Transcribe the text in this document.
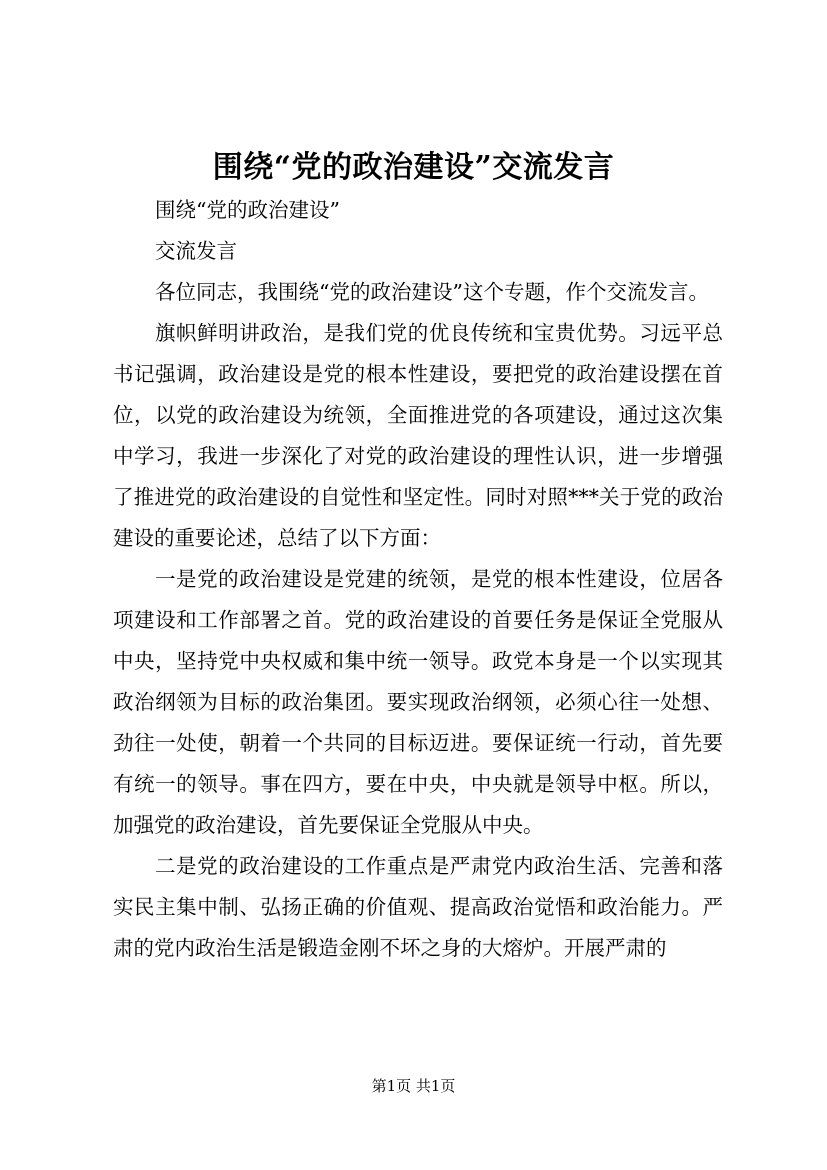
围绕“党的政治建设”交流发言

围绕“党的政治建设”

交流发言

各位同志，我围绕“党的政治建设”这个专题，作个交流发言。

旗帜鲜明讲政治，是我们党的优良传统和宝贵优势。习远平总书记强调，政治建设是党的根本性建设，要把党的政治建设摆在首位，以党的政治建设为统领，全面推进党的各项建设，通过这次集中学习，我进一步深化了对党的政治建设的理性认识，进一步增强了推进党的政治建设的自觉性和坚定性。同时对照***关于党的政治建设的重要论述，总结了以下方面：

一是党的政治建设是党建的统领，是党的根本性建设，位居各项建设和工作部署之首。党的政治建设的首要任务是保证全党服从中央，坚持党中央权威和集中统一领导。政党本身是一个以实现其政治纲领为目标的政治集团。要实现政治纲领，必须心往一处想、劲往一处使，朝着一个共同的目标迈进。要保证统一行动，首先要有统一的领导。事在四方，要在中央，中央就是领导中枢。所以，加强党的政治建设，首先要保证全党服从中央。

二是党的政治建设的工作重点是严肃党内政治生活、完善和落实民主集中制、弘扬正确的价值观、提高政治觉悟和政治能力。严肃的党内政治生活是锻造金刚不坏之身的大熔炉。开展严肃的

第1页 共1页
